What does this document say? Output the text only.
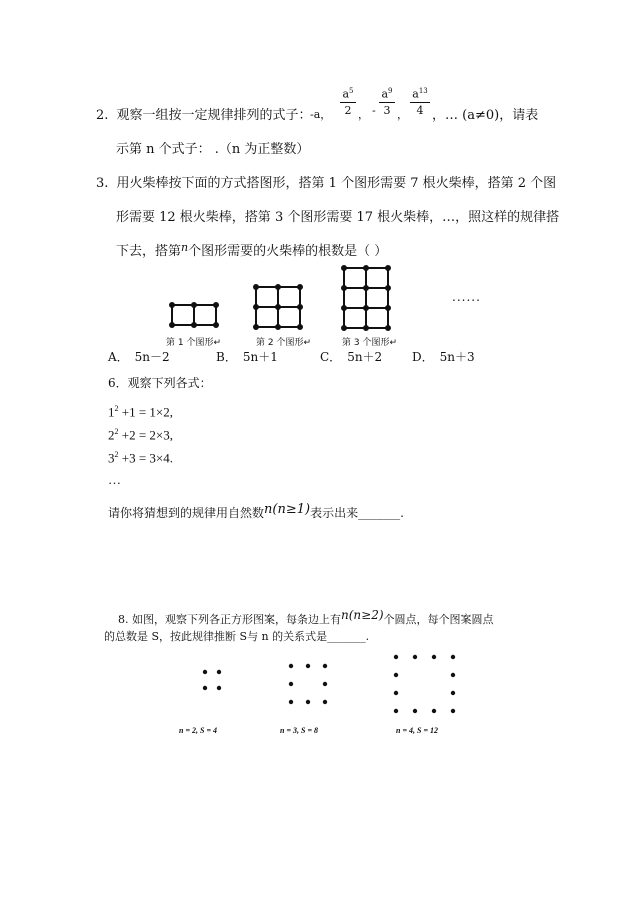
2. 观察一组按一定规律排列的式子：
-a，
$a^5$
2 ， -
$a^9$
3 ，
$a^{13}$
4 ，… (a≠0)，请表
示第 n 个式子： .（n 为正整数）
3. 用火柴棒按下面的方式搭图形，搭第 1 个图形需要 7 根火柴棒，搭第 2 个图
形需要 12 根火柴棒，搭第 3 个图形需要 17 根火柴棒，…，照这样的规律搭
下去，搭第$^n$个图形需要的火柴棒的根数是（ ）
......
第 1 个图形↵	第 2 个图形↵	第 3 个图形↵
A． 5n－2	B． 5n＋1	C． 5n＋2 D． 5n＋3
6．观察下列各式：
$1^2 +1 = 1\times 2$,
$2^2 +2 = 2\times 3$,
$3^2 +3 = 3\times 4$.
…
请你将猜想到的规律用自然数n(n≥1)表示出来_______.
8. 如图，观察下列各正方形图案，每条边上有n(n≥2)个圆点，每个图案圆点
的总数是 S，按此规律推断 S与 n 的关系式是_______.
n = 2, S = 4	n = 3, S = 8	n = 4, S = 12
